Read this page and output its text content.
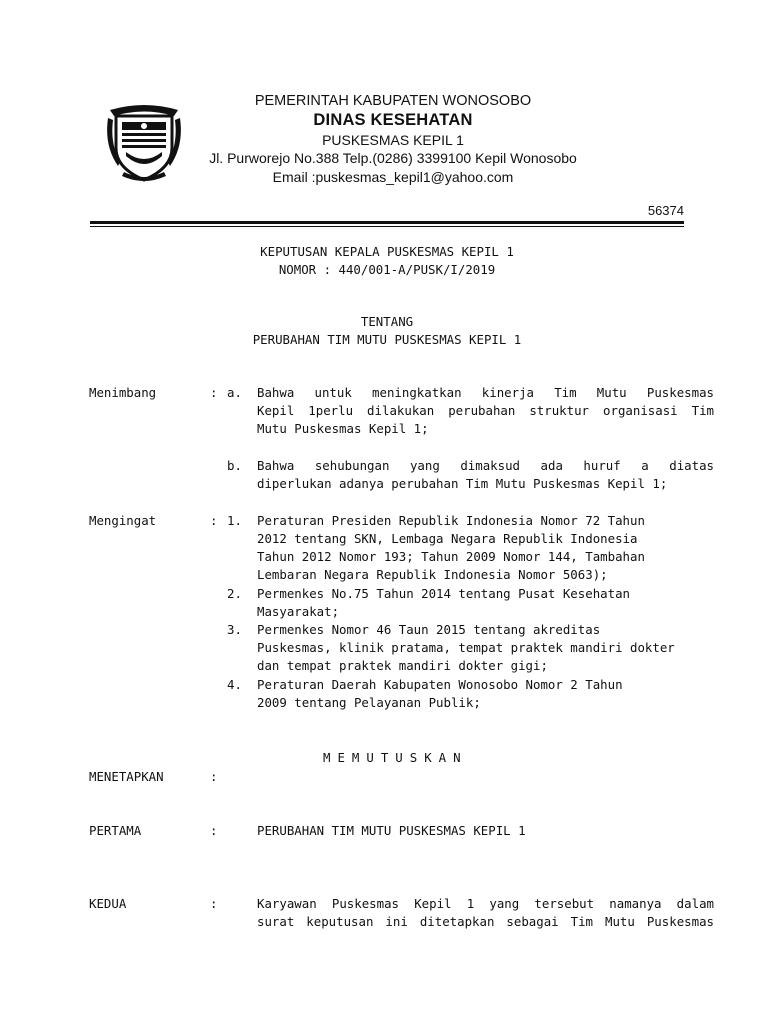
PEMERINTAH KABUPATEN WONOSOBO
DINAS KESEHATAN
PUSKESMAS KEPIL 1
Jl. Purworejo No.388 Telp.(0286) 3399100 Kepil Wonosobo
Email :puskesmas_kepil1@yahoo.com
56374
KEPUTUSAN KEPALA PUSKESMAS KEPIL 1
NOMOR : 440/001-A/PUSK/I/2019
TENTANG
PERUBAHAN TIM MUTU PUSKESMAS KEPIL 1
Menimbang	: a. Bahwa untuk meningkatkan kinerja Tim Mutu Puskesmas

Kepil 1perlu dilakukan perubahan struktur organisasi Tim

Mutu Puskesmas Kepil 1;

b. Bahwa sehubungan yang dimaksud ada huruf a diatas

diperlukan adanya perubahan Tim Mutu Puskesmas Kepil 1;

Mengingat	: 1. Peraturan Presiden Republik Indonesia Nomor 72 Tahun

2012 tentang SKN, Lembaga Negara Republik Indonesia

Tahun 2012 Nomor 193; Tahun 2009 Nomor 144, Tambahan

Lembaran Negara Republik Indonesia Nomor 5063);

2. Permenkes No.75 Tahun 2014 tentang Pusat Kesehatan

Masyarakat;

3. Permenkes Nomor 46 Taun 2015 tentang akreditas

Puskesmas, klinik pratama, tempat praktek mandiri dokter

dan tempat praktek mandiri dokter gigi;

4. Peraturan Daerah Kabupaten Wonosobo Nomor 2 Tahun

2009 tentang Pelayanan Publik;

MEMUTUSKAN
MENETAPKAN	:
PERTAMA	:	PERUBAHAN TIM MUTU PUSKESMAS KEPIL 1
KEDUA	:	Karyawan Puskesmas Kepil 1 yang tersebut namanya dalam

surat keputusan ini ditetapkan sebagai Tim Mutu Puskesmas
